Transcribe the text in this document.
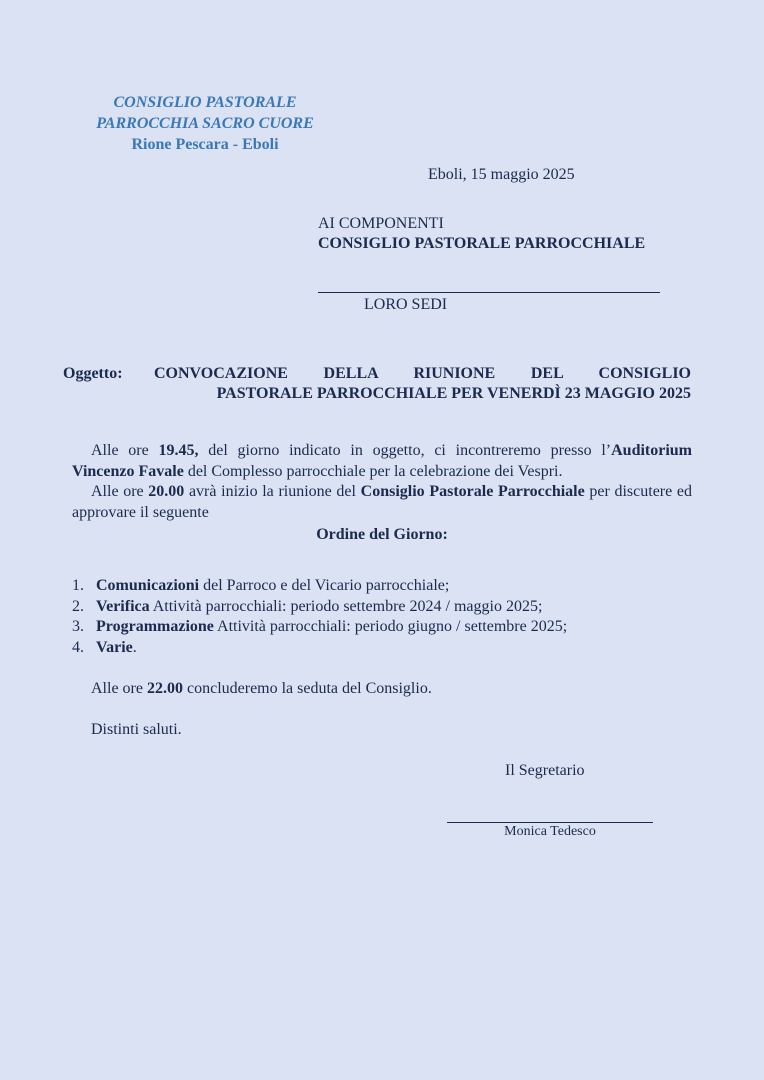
CONSIGLIO PASTORALE
PARROCCHIA SACRO CUORE
Rione Pescara - Eboli
Eboli, 15 maggio 2025
AI COMPONENTI
CONSIGLIO PASTORALE PARROCCHIALE
LORO SEDI
Oggetto: CONVOCAZIONE DELLA RIUNIONE DEL CONSIGLIO
PASTORALE PARROCCHIALE PER VENERDÌ 23 MAGGIO 2025

Alle ore 19.45, del giorno indicato in oggetto, ci incontreremo presso l’Auditorium Vincenzo Favale del Complesso parrocchiale per la celebrazione dei Vespri.

Alle ore 20.00 avrà inizio la riunione del Consiglio Pastorale Parrocchiale per discutere ed approvare il seguente

Ordine del Giorno:
1. Comunicazioni del Parroco e del Vicario parrocchiale;
2. Verifica Attività parrocchiali: periodo settembre 2024 / maggio 2025;
3. Programmazione Attività parrocchiali: periodo giugno / settembre 2025;
4. Varie.
Alle ore 22.00 concluderemo la seduta del Consiglio.
Distinti saluti.
Il Segretario
Monica Tedesco
